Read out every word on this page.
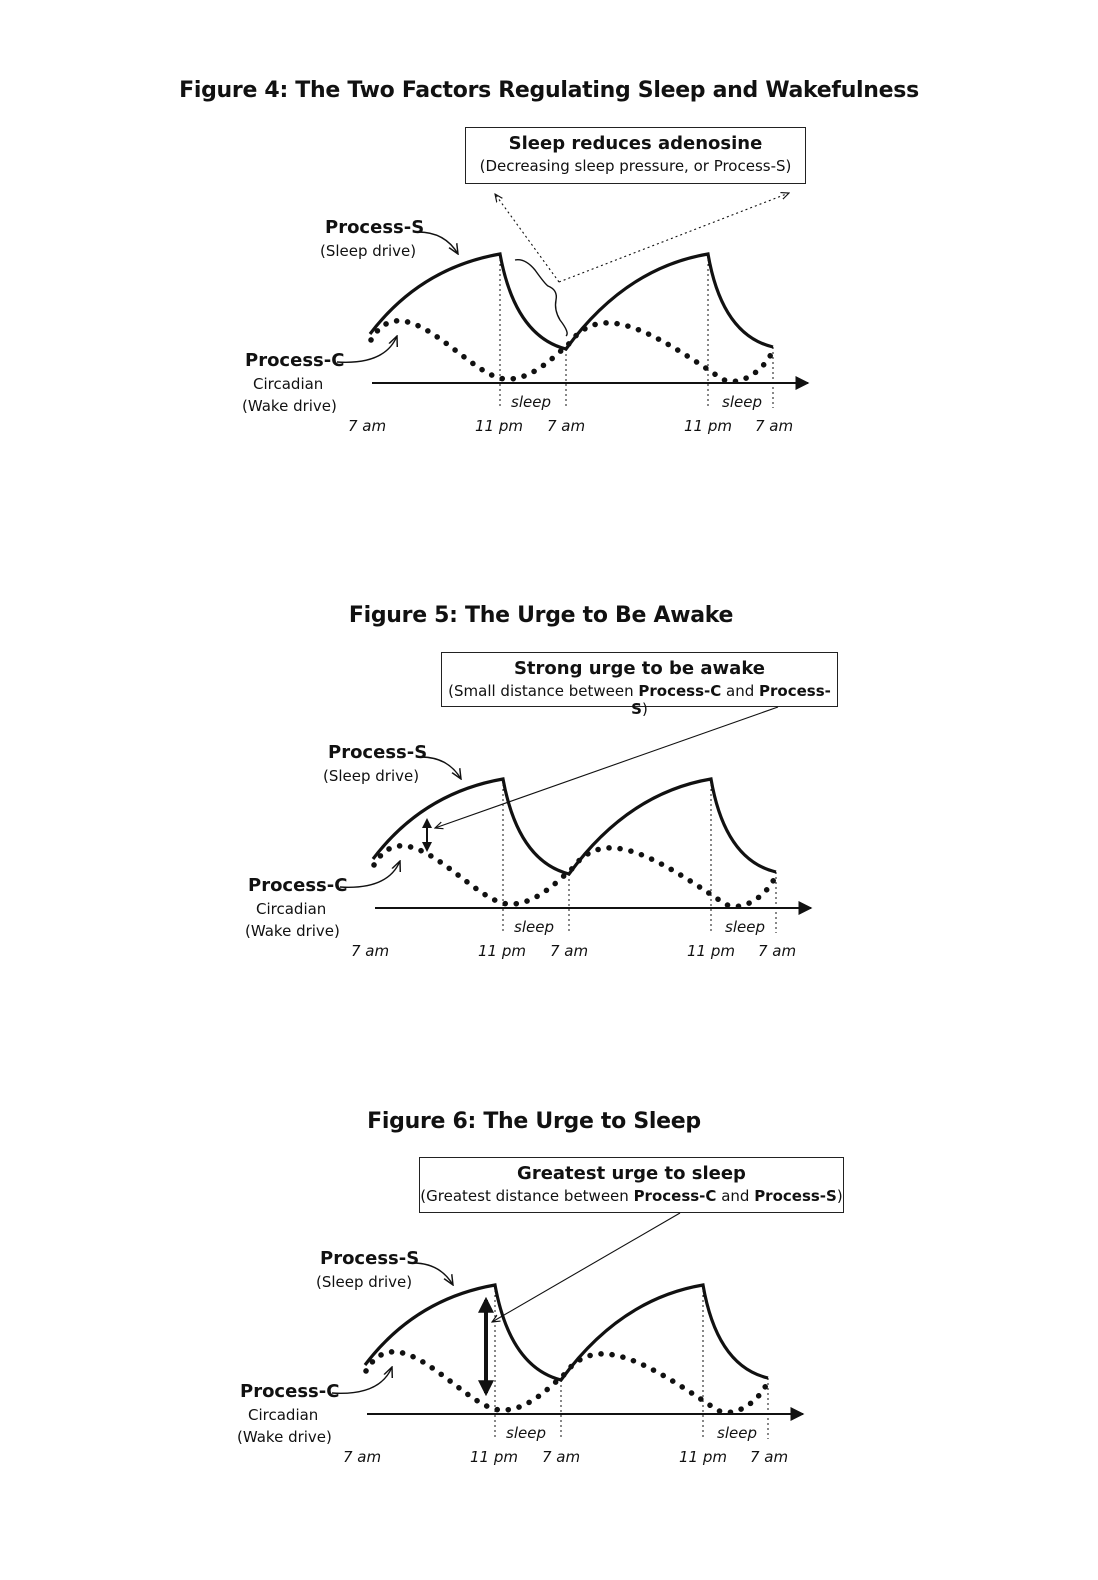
Figure 4: The Two Factors Regulating Sleep and Wakefulness
Sleep reduces adenosine
(Decreasing sleep pressure, or Process-S)
Process-S
(Sleep drive)
Process-C
Circadian
(Wake drive)	sleep	sleep
7 am	11 pm 7 am	11 pm 7 am
Figure 5: The Urge to Be Awake
Strong urge to be awake
(Small distance between Process-C and Process-S)
Process-S
(Sleep drive)
Process-C
Circadian
(Wake drive)	sleep	sleep
7 am	11 pm 7 am	11 pm 7 am
Figure 6: The Urge to Sleep
Greatest urge to sleep
(Greatest distance between Process-C and Process-S)
Process-S
(Sleep drive)
Process-C
Circadian
(Wake drive)	sleep	sleep
7 am	11 pm 7 am	11 pm 7 am
